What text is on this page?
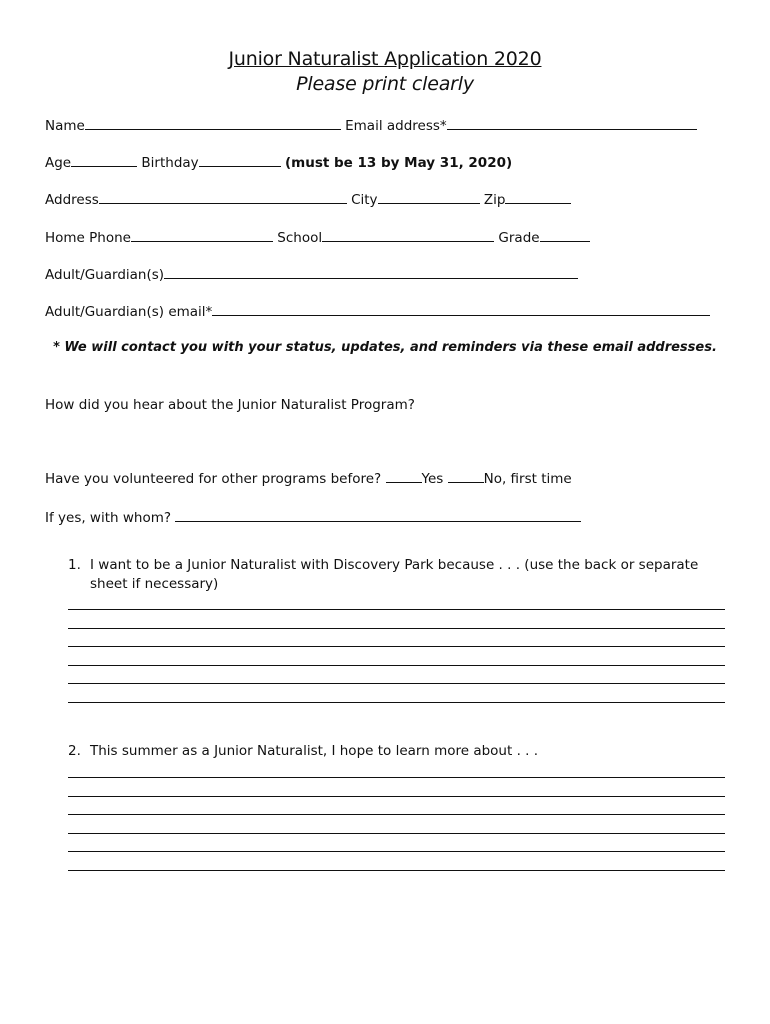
Junior Naturalist Application 2020
Please print clearly
Name	Email address*
Age	Birthday	(must be 13 by May 31, 2020)
Address	City	Zip
Home Phone	School	Grade
Adult/Guardian(s)
Adult/Guardian(s) email*
* We will contact you with your status, updates, and reminders via these email addresses.
How did you hear about the Junior Naturalist Program?
Have you volunteered for other programs before?	Yes	No, first time
If yes, with whom?
1. I want to be a Junior Naturalist with Discovery Park because . . . (use the back or separate sheet if necessary)
2. This summer as a Junior Naturalist, I hope to learn more about . . .
